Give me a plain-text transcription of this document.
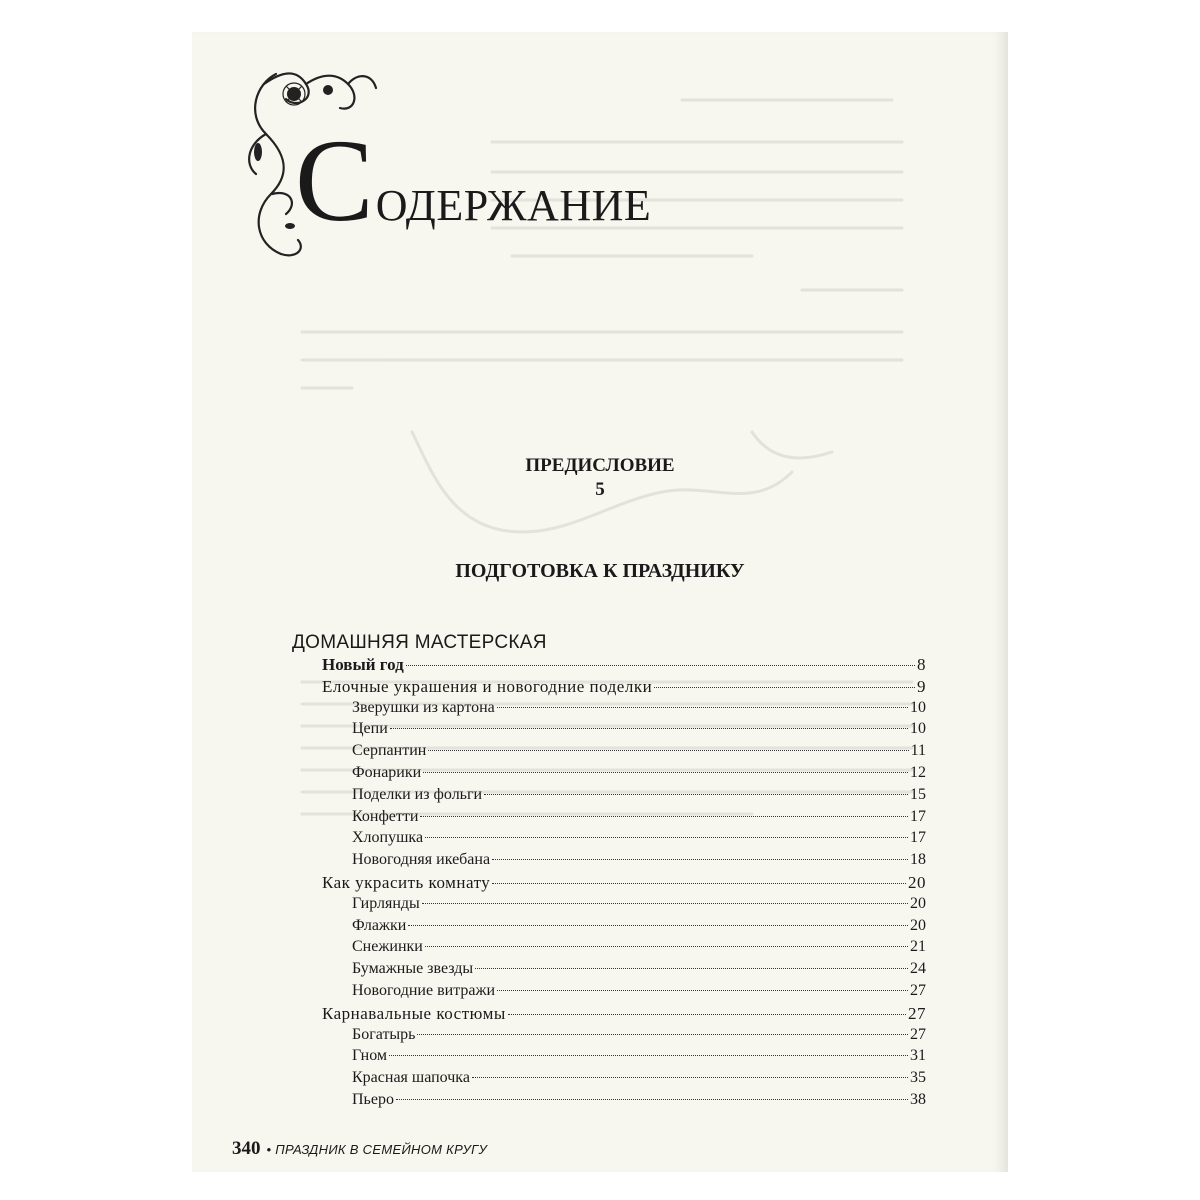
С ОДЕРЖАНИЕ
ПРЕДИСЛОВИЕ
5
ПОДГОТОВКА К ПРАЗДНИКУ
ДОМАШНЯЯ МАСТЕРСКАЯ
Новый год	8
Елочные украшения и новогодние поделки	9
Зверушки из картона	10
Цепи	10
Серпантин	11
Фонарики	12
Поделки из фольги	15
Конфетти	17
Хлопушка	17
Новогодняя икебана	18
Как украсить комнату	20
Гирлянды	20
Флажки	20
Снежинки	21
Бумажные звезды	24
Новогодние витражи	27
Карнавальные костюмы	27
Богатырь	27
Гном	31
Красная шапочка	35
Пьеро	38
340 • ПРАЗДНИК В СЕМЕЙНОМ КРУГУ
